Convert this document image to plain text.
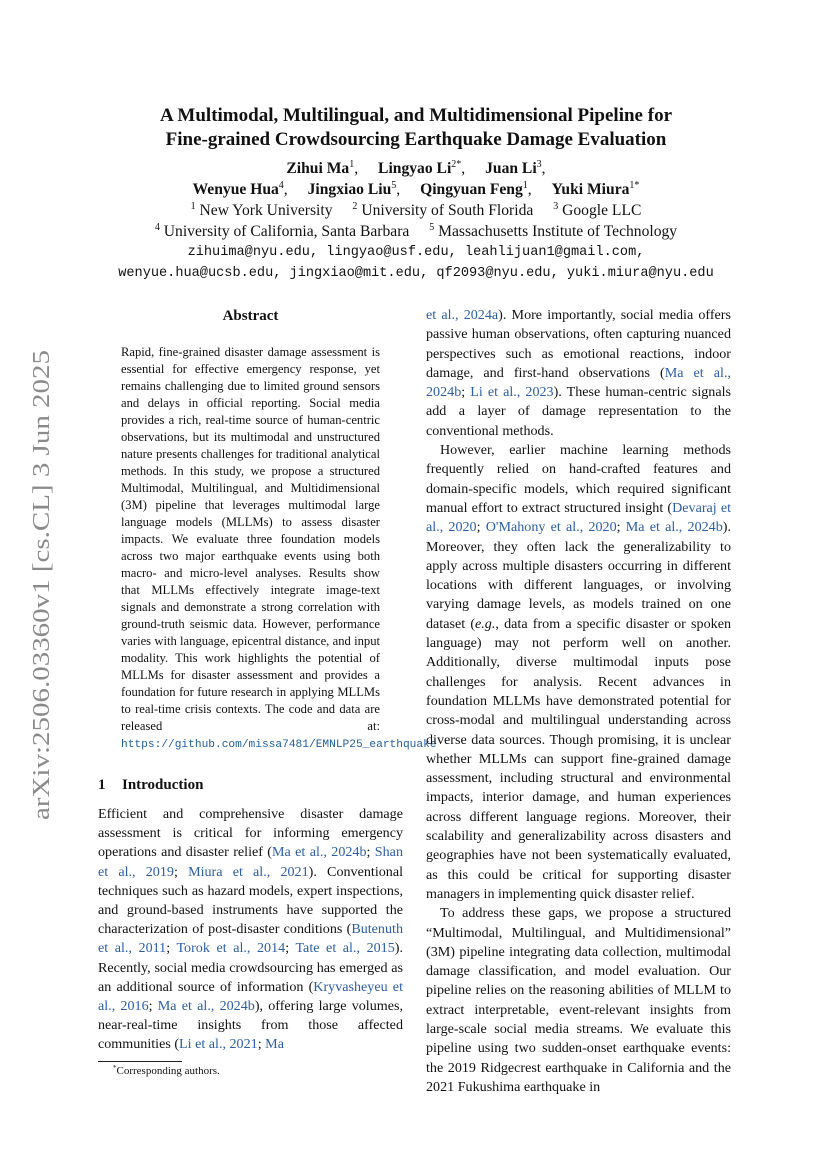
arXiv:2506.03360v1 [cs.CL] 3 Jun 2025
A Multimodal, Multilingual, and Multidimensional Pipeline for
Fine-grained Crowdsourcing Earthquake Damage Evaluation
Zihui Ma$^1$, Lingyao $Li^{2*}$, Juan Li$^3$,
Wenyue Hua$^4$, Jingxiao Liu$^5$, Qingyuan Feng$^1$, Yuki Miura$^{1*}$
$^1$ New York University $^2$ University of South Florida $^3$ Google LLC
$^4$ University of California, Santa Barbara $^5$ Massachusetts Institute of Technology
zihuima@nyu.edu, lingyao@usf.edu, leahlijuan1@gmail.com,
wenyue.hua@ucsb.edu, jingxiao@mit.edu, qf2093@nyu.edu, yuki.miura@nyu.edu
Abstract

Rapid, fine-grained disaster damage assessment is essential for effective emergency response, yet remains challenging due to limited ground sensors and delays in official reporting. Social media provides a rich, real-time source of human-centric observations, but its multimodal and unstructured nature presents challenges for traditional analytical methods. In this study, we propose a structured Multimodal, Multilingual, and Multidimensional (3M) pipeline that leverages multimodal large language models (MLLMs) to assess disaster impacts. We evaluate three foundation models across two major earthquake events using both macro- and micro-level analyses. Results show that MLLMs effectively integrate image-text signals and demonstrate a strong correlation with ground-truth seismic data. However, performance varies with language, epicentral distance, and input modality. This work highlights the potential of MLLMs for disaster assessment and provides a foundation for future research in applying MLLMs to real-time crisis contexts. The code and data are released at: https://github.com/missa7481/EMNLP25_earthquake

1 Introduction

Efficient and comprehensive disaster damage assessment is critical for informing emergency operations and disaster relief (Ma et al., 2024b; Shan et al., 2019; Miura et al., 2021). Conventional techniques such as hazard models, expert inspections, and ground-based instruments have supported the characterization of post-disaster conditions (Butenuth et al., 2011; Torok et al., 2014; Tate et al., 2015). Recently, social media crowdsourcing has emerged as an additional source of information (Kryvasheyeu et al., 2016; Ma et al., 2024b), offering large volumes, near-real-time insights from those affected communities (Li et al., 2021; Ma

et al., 2024a). More importantly, social media offers passive human observations, often capturing nuanced perspectives such as emotional reactions, indoor damage, and first-hand observations (Ma et al., 2024b; Li et al., 2023). These human-centric signals add a layer of damage representation to the conventional methods.

However, earlier machine learning methods frequently relied on hand-crafted features and domain-specific models, which required significant manual effort to extract structured insight (Devaraj et al., 2020; O'Mahony et al., 2020; Ma et al., 2024b). Moreover, they often lack the generalizability to apply across multiple disasters occurring in different locations with different languages, or involving varying damage levels, as models trained on one dataset (e.g., data from a specific disaster or spoken language) may not perform well on another. Additionally, diverse multimodal inputs pose challenges for analysis. Recent advances in foundation MLLMs have demonstrated potential for cross-modal and multilingual understanding across diverse data sources. Though promising, it is unclear whether MLLMs can support fine-grained damage assessment, including structural and environmental impacts, interior damage, and human experiences across different language regions. Moreover, their scalability and generalizability across disasters and geographies have not been systematically evaluated, as this could be critical for supporting disaster managers in implementing quick disaster relief.

To address these gaps, we propose a structured “Multimodal, Multilingual, and Multidimensional” (3M) pipeline integrating data collection, multimodal damage classification, and model evaluation. Our pipeline relies on the reasoning abilities of MLLM to extract interpretable, event-relevant insights from large-scale social media streams. We evaluate this pipeline using two sudden-onset earthquake events: the 2019 Ridgecrest earthquake in California and the 2021 Fukushima earthquake in

*Corresponding authors.
